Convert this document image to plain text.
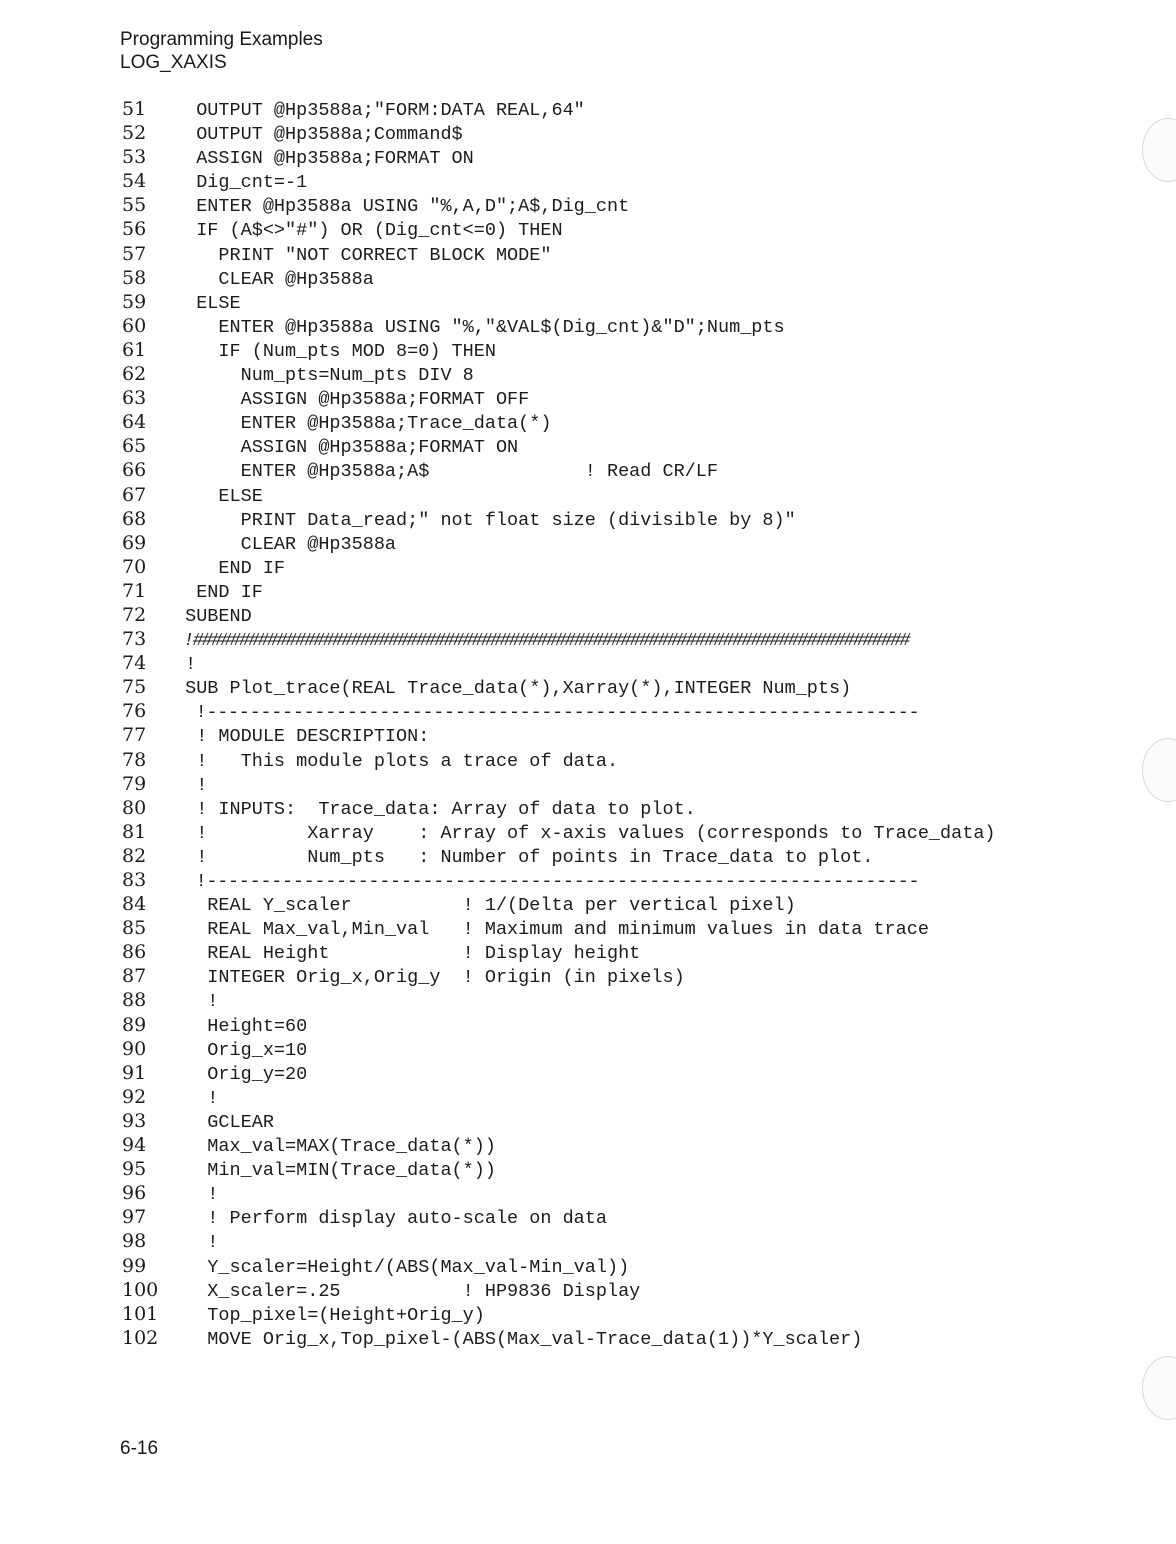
Programming Examples
LOG_XAXIS
51  OUTPUT @Hp3588a;"FORM:DATA REAL,64"
52  OUTPUT @Hp3588a;Command$
53  ASSIGN @Hp3588a;FORMAT ON
54  Dig_cnt=-1
55  ENTER @Hp3588a USING "%,A,D";A$,Dig_cnt
56  IF (A$<>"#") OR (Dig_cnt<=0) THEN
57    PRINT "NOT CORRECT BLOCK MODE"
58    CLEAR @Hp3588a
59  ELSE
60    ENTER @Hp3588a USING "%,"&VAL$(Dig_cnt)&"D";Num_pts
61    IF (Num_pts MOD 8=0) THEN
62      Num_pts=Num_pts DIV 8
63      ASSIGN @Hp3588a;FORMAT OFF
64      ENTER @Hp3588a;Trace_data(*)
65      ASSIGN @Hp3588a;FORMAT ON
66      ENTER @Hp3588a;A$              ! Read CR/LF
67    ELSE
68      PRINT Data_read;" not float size (divisible by 8)"
69      CLEAR @Hp3588a
70    END IF
71  END IF
72 SUBEND
73 !#############################################################################
74 !
75 SUB Plot_trace(REAL Trace_data(*),Xarray(*),INTEGER Num_pts)
76  !------------------------------------------------------------------
77  ! MODULE DESCRIPTION:
78  !   This module plots a trace of data.
79  !
80  ! INPUTS:  Trace_data: Array of data to plot.
81  !         Xarray    : Array of x-axis values (corresponds to Trace_data)
82  !         Num_pts   : Number of points in Trace_data to plot.
83  !------------------------------------------------------------------
84   REAL Y_scaler          ! 1/(Delta per vertical pixel)
85   REAL Max_val,Min_val   ! Maximum and minimum values in data trace
86   REAL Height            ! Display height
87   INTEGER Orig_x,Orig_y  ! Origin (in pixels)
88   !
89   Height=60
90   Orig_x=10
91   Orig_y=20
92   !
93   GCLEAR
94   Max_val=MAX(Trace_data(*))
95   Min_val=MIN(Trace_data(*))
96   !
97   ! Perform display auto-scale on data
98   !
99   Y_scaler=Height/(ABS(Max_val-Min_val))
100   X_scaler=.25           ! HP9836 Display
101   Top_pixel=(Height+Orig_y)
102   MOVE Orig_x,Top_pixel-(ABS(Max_val-Trace_data(1))*Y_scaler)
6-16
